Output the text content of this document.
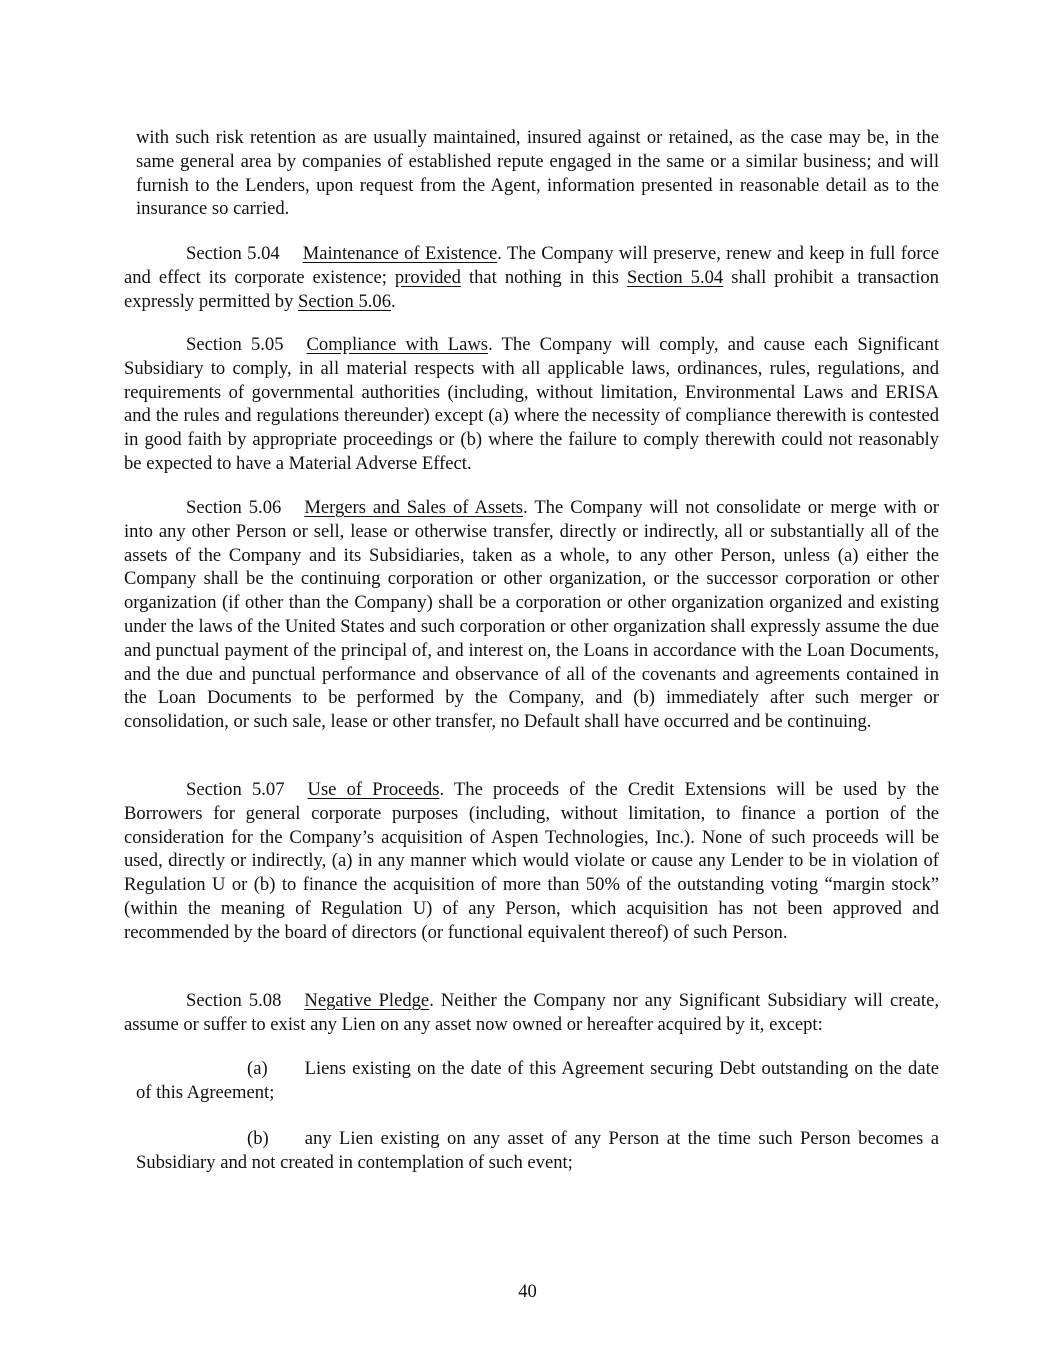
with such risk retention as are usually maintained, insured against or retained, as the case may be, in the same general area by companies of established repute engaged in the same or a similar business; and will furnish to the Lenders, upon request from the Agent, information presented in reasonable detail as to the insurance so carried.

Section 5.04 Maintenance of Existence. The Company will preserve, renew and keep in full force and effect its corporate existence; provided that nothing in this Section 5.04 shall prohibit a transaction expressly permitted by Section 5.06.

Section 5.05 Compliance with Laws. The Company will comply, and cause each Significant Subsidiary to comply, in all material respects with all applicable laws, ordinances, rules, regulations, and requirements of governmental authorities (including, without limitation, Environmental Laws and ERISA and the rules and regulations thereunder) except (a) where the necessity of compliance therewith is contested in good faith by appropriate proceedings or (b) where the failure to comply therewith could not reasonably be expected to have a Material Adverse Effect.

Section 5.06 Mergers and Sales of Assets. The Company will not consolidate or merge with or into any other Person or sell, lease or otherwise transfer, directly or indirectly, all or substantially all of the assets of the Company and its Subsidiaries, taken as a whole, to any other Person, unless (a) either the Company shall be the continuing corporation or other organization, or the successor corporation or other organization (if other than the Company) shall be a corporation or other organization organized and existing under the laws of the United States and such corporation or other organization shall expressly assume the due and punctual payment of the principal of, and interest on, the Loans in accordance with the Loan Documents, and the due and punctual performance and observance of all of the covenants and agreements contained in the Loan Documents to be performed by the Company, and (b) immediately after such merger or consolidation, or such sale, lease or other transfer, no Default shall have occurred and be continuing.

Section 5.07 Use of Proceeds. The proceeds of the Credit Extensions will be used by the Borrowers for general corporate purposes (including, without limitation, to finance a portion of the consideration for the Company’s acquisition of Aspen Technologies, Inc.). None of such proceeds will be used, directly or indirectly, (a) in any manner which would violate or cause any Lender to be in violation of Regulation U or (b) to finance the acquisition of more than 50% of the outstanding voting “margin stock” (within the meaning of Regulation U) of any Person, which acquisition has not been approved and recommended by the board of directors (or functional equivalent thereof) of such Person.

Section 5.08 Negative Pledge. Neither the Company nor any Significant Subsidiary will create, assume or suffer to exist any Lien on any asset now owned or hereafter acquired by it, except:

(a) Liens existing on the date of this Agreement securing Debt outstanding on the date of this Agreement;

(b) any Lien existing on any asset of any Person at the time such Person becomes a Subsidiary and not created in contemplation of such event;

40
